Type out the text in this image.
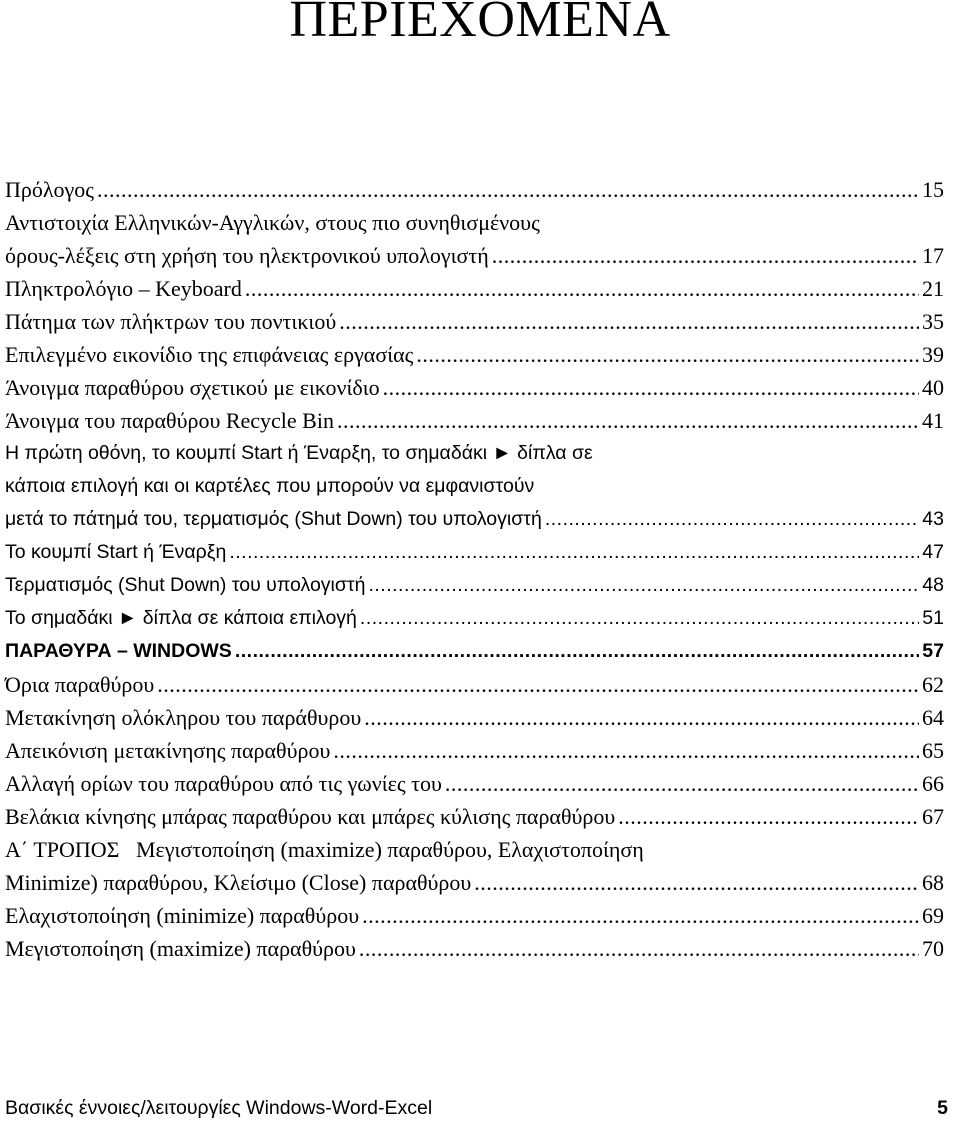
ΠΕΡΙΕΧΟΜΕΝΑ
Πρόλογος .....	15
Αντιστοιχία Ελληνικών-Αγγλικών, στους πιο συνηθισμένους
όρους-λέξεις στη χρήση του ηλεκτρονικού υπολογιστή .....	17
Πληκτρολόγιο – Keyboard .....	21
Πάτημα των πλήκτρων του ποντικιού .....	35
Επιλεγμένο εικονίδιο της επιφάνειας εργασίας .....	39
Άνοιγμα παραθύρου σχετικού με εικονίδιο .....	40
Άνοιγμα του παραθύρου Recycle Bin .....	41
Η πρώτη οθόνη, το κουμπί Start ή Έναρξη, το σημαδάκι ► δίπλα σε
κάποια επιλογή και οι καρτέλες που μπορούν να εμφανιστούν
μετά το πάτημά του, τερματισμός (Shut Down) του υπολογιστή .....	43
Το κουμπί Start ή Έναρξη .....	47
Τερματισμός (Shut Down) του υπολογιστή .....	48
Το σημαδάκι ► δίπλα σε κάποια επιλογή .....	51
ΠΑΡΑΘΥΡΑ – WINDOWS .....	57
Όρια παραθύρου .....	62
Μετακίνηση ολόκληρου του παράθυρου .....	64
Απεικόνιση μετακίνησης παραθύρου .....	65
Αλλαγή ορίων του παραθύρου από τις γωνίες του .....	66
Βελάκια κίνησης μπάρας παραθύρου και μπάρες κύλισης παραθύρου .....	67
Α΄ ΤΡΟΠΟΣ   Μεγιστοποίηση (maximize) παραθύρου, Ελαχιστοποίηση
Minimize) παραθύρου, Κλείσιμο (Close) παραθύρου .....	68
Ελαχιστοποίηση (minimize) παραθύρου .....	69
Μεγιστοποίηση (maximize) παραθύρου .....	70
Βασικές έννοιες/λειτουργίες Windows-Word-Excel	5
